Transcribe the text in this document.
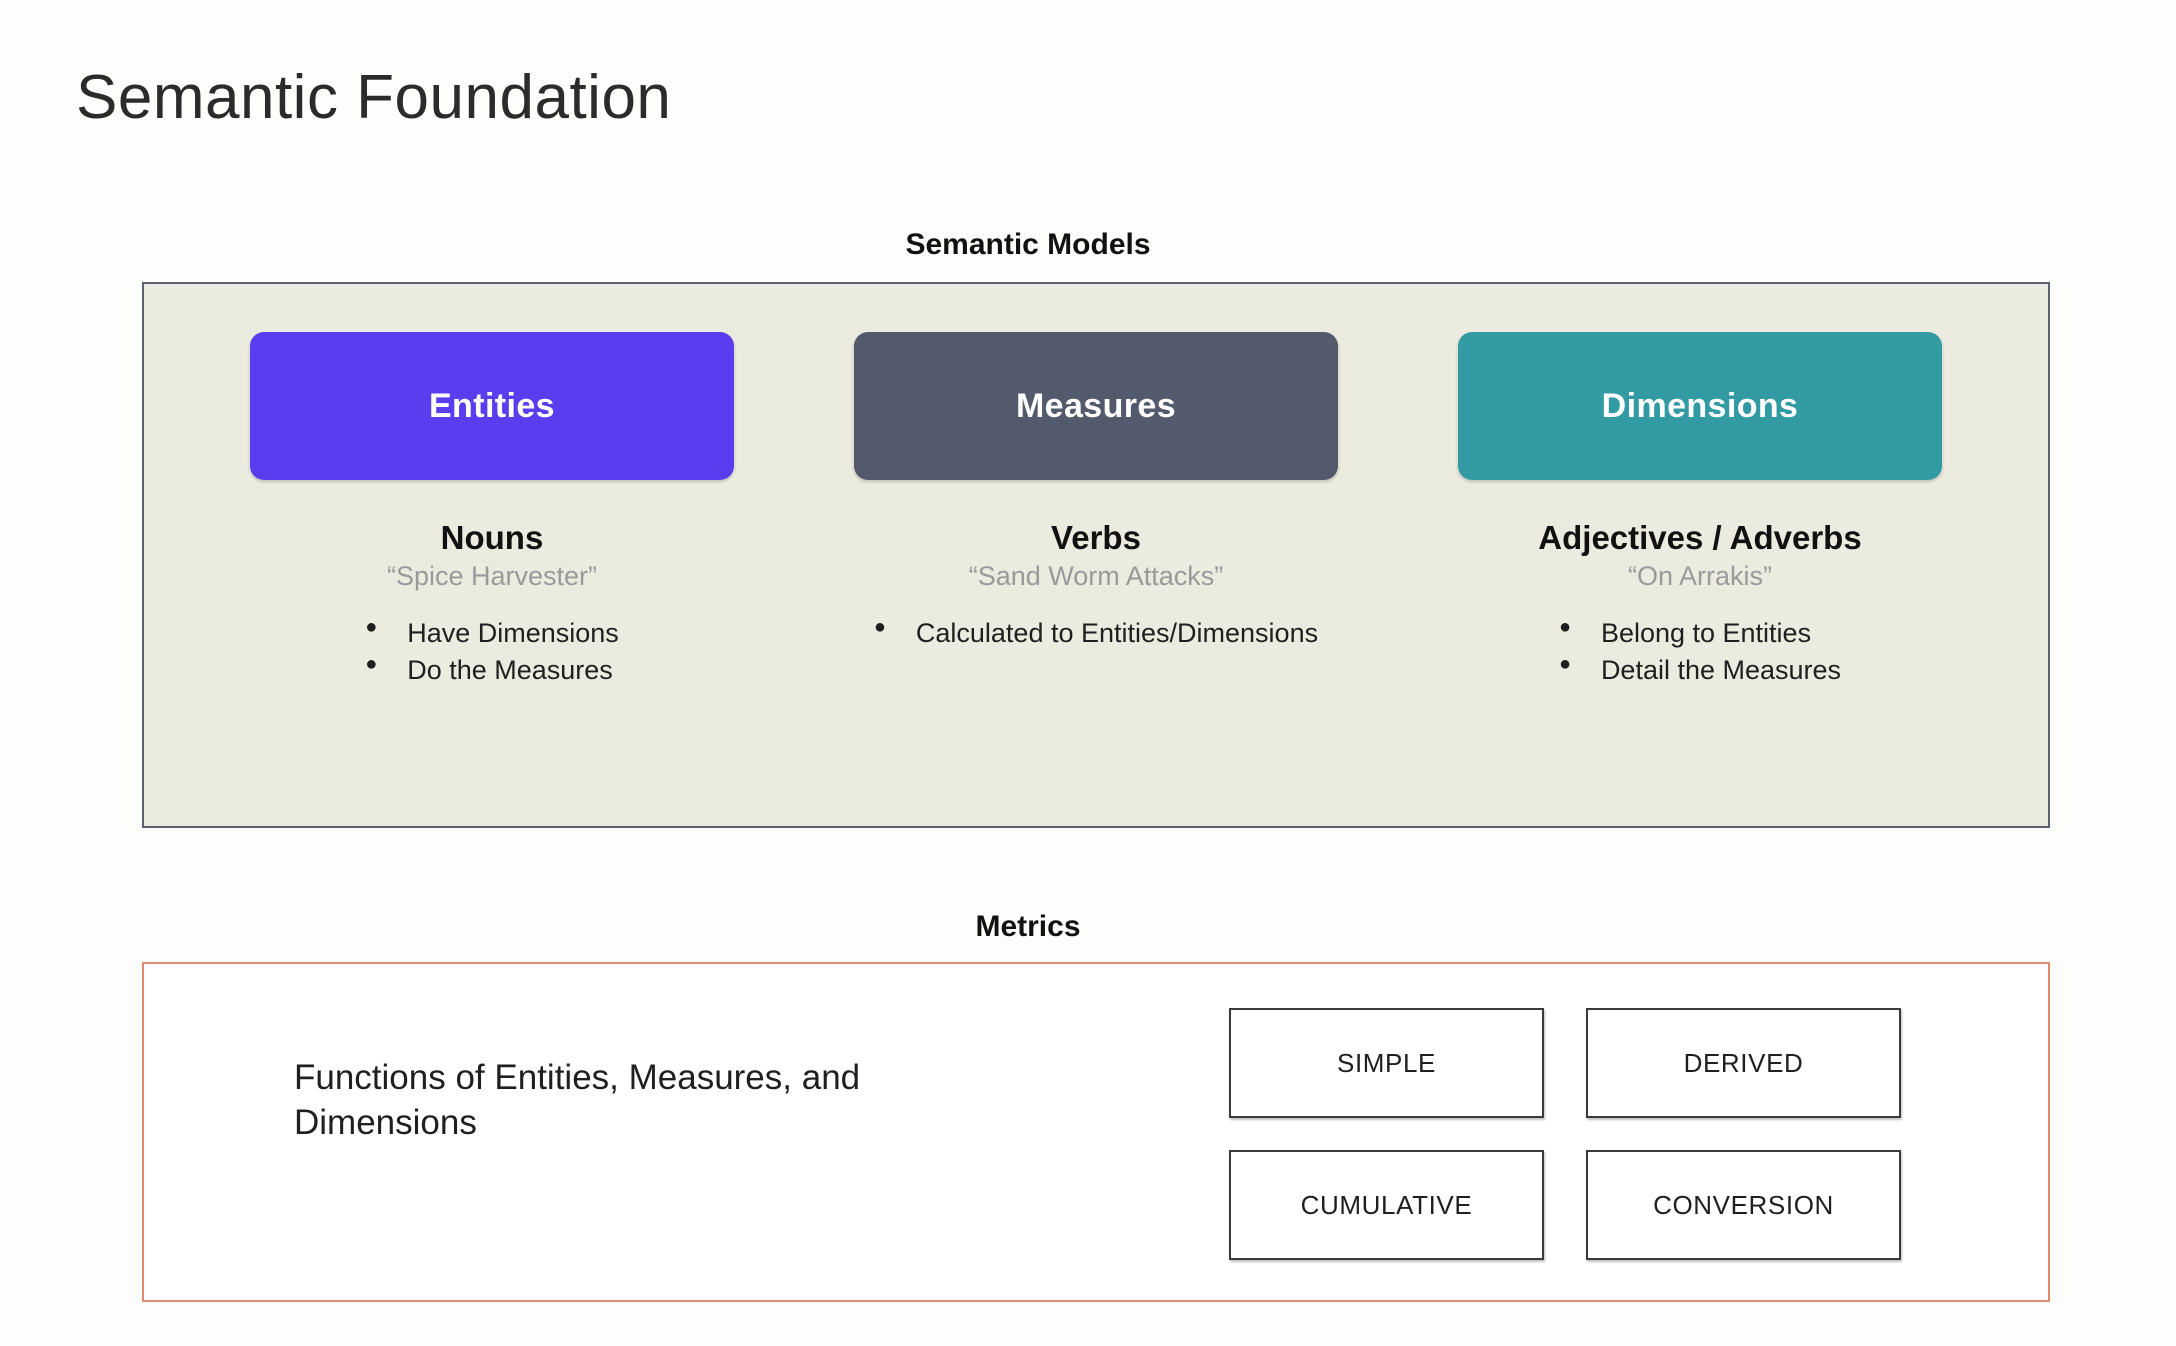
Semantic Foundation
Semantic Models
Entities
Nouns
“Spice Harvester”
● Have Dimensions
● Do the Measures
Measures
Verbs
“Sand Worm Attacks”
● Calculated to Entities/Dimensions
Dimensions
Adjectives / Adverbs
“On Arrakis”
● Belong to Entities
● Detail the Measures
Metrics
Functions of Entities, Measures, and Dimensions
SIMPLE	DERIVED
CUMULATIVE	CONVERSION
